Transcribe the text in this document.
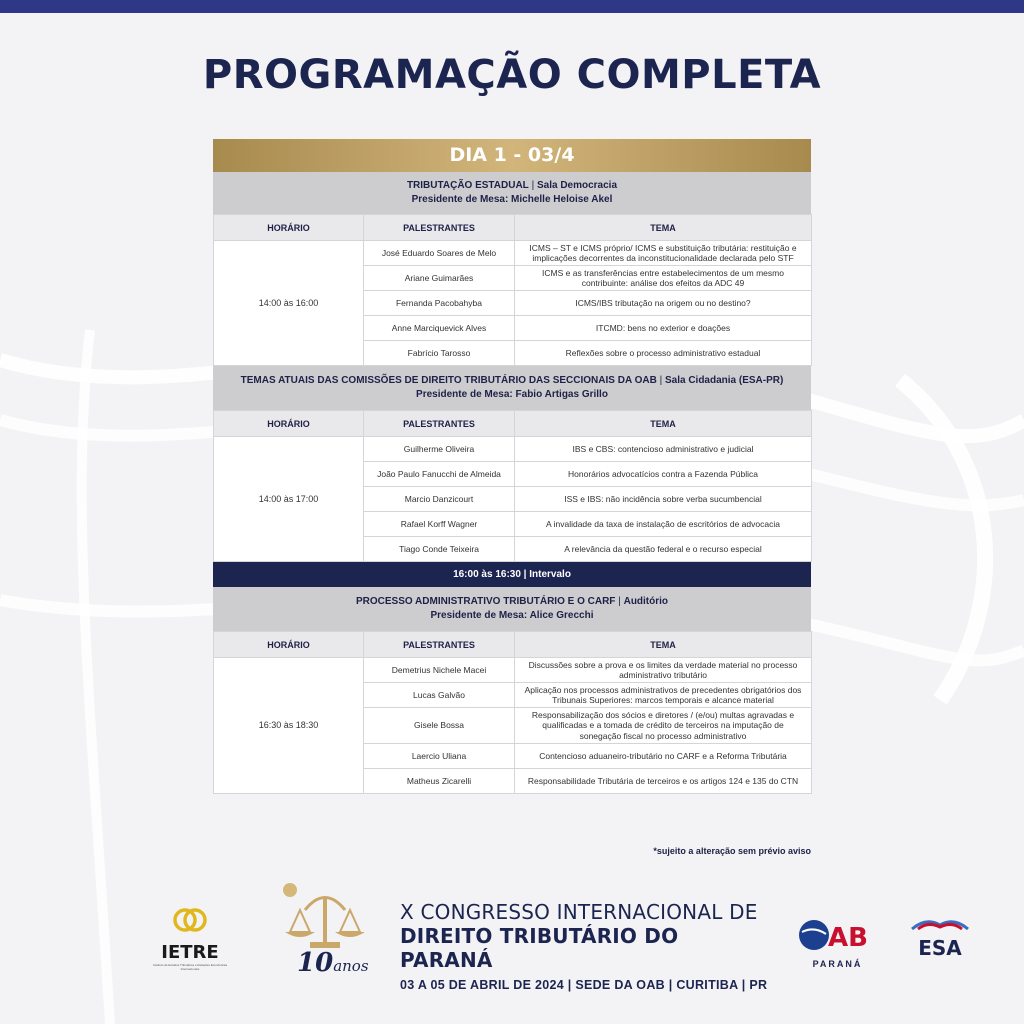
PROGRAMAÇÃO COMPLETA
DIA 1 - 03/4
TRIBUTAÇÃO ESTADUAL | Sala Democracia
Presidente de Mesa: Michelle Heloise Akel
HORÁRIO	PALESTRANTES	TEMA
14:00 às 16:00	José Eduardo Soares de Melo	ICMS – ST e ICMS próprio/ ICMS e substituição tributária: restituição e implicações decorrentes da inconstitucionalidade declarada pelo STF
	Ariane Guimarães	ICMS e as transferências entre estabelecimentos de um mesmo contribuinte: análise dos efeitos da ADC 49
	Fernanda Pacobahyba	ICMS/IBS tributação na origem ou no destino?
	Anne Marciquevick Alves	ITCMD: bens no exterior e doações
	Fabrício Tarosso	Reflexões sobre o processo administrativo estadual
TEMAS ATUAIS DAS COMISSÕES DE DIREITO TRIBUTÁRIO DAS SECCIONAIS DA OAB | Sala Cidadania (ESA-PR)
Presidente de Mesa: Fabio Artigas Grillo
HORÁRIO	PALESTRANTES	TEMA
14:00 às 17:00	Guilherme Oliveira	IBS e CBS: contencioso administrativo e judicial
	João Paulo Fanucchi de Almeida	Honorários advocatícios contra a Fazenda Pública
	Marcio Danzicourt	ISS e IBS: não incidência sobre verba sucumbencial
	Rafael Korff Wagner	A invalidade da taxa de instalação de escritórios de advocacia
	Tiago Conde Teixeira	A relevância da questão federal e o recurso especial
16:00 às 16:30 | Intervalo
PROCESSO ADMINISTRATIVO TRIBUTÁRIO E O CARF | Auditório
Presidente de Mesa: Alice Grecchi
HORÁRIO	PALESTRANTES	TEMA
16:30 às 18:30	Demetrius Nichele Macei	Discussões sobre a prova e os limites da verdade material no processo administrativo tributário
	Lucas Galvão	Aplicação nos processos administrativos de precedentes obrigatórios dos Tribunais Superiores: marcos temporais e alcance material
	Gisele Bossa	Responsabilização dos sócios e diretores / (e/ou) multas agravadas e qualificadas e a tomada de crédito de terceiros na imputação de sonegação fiscal no processo administrativo
	Laercio Uliana	Contencioso aduaneiro-tributário no CARF e a Reforma Tributária
	Matheus Zicarelli	Responsabilidade Tributária de terceiros e os artigos 124 e 135 do CTN
*sujeito a alteração sem prévio aviso
IETRE
Instituto de Estudos Tributários e Relações Econômicas Internacionais	10anos
X CONGRESSO INTERNACIONAL DE
DIREITO TRIBUTÁRIO DO PARANÁ
03 A 05 DE ABRIL DE 2024 | SEDE DA OAB | CURITIBA | PR
AB
PARANÁ
ESA
